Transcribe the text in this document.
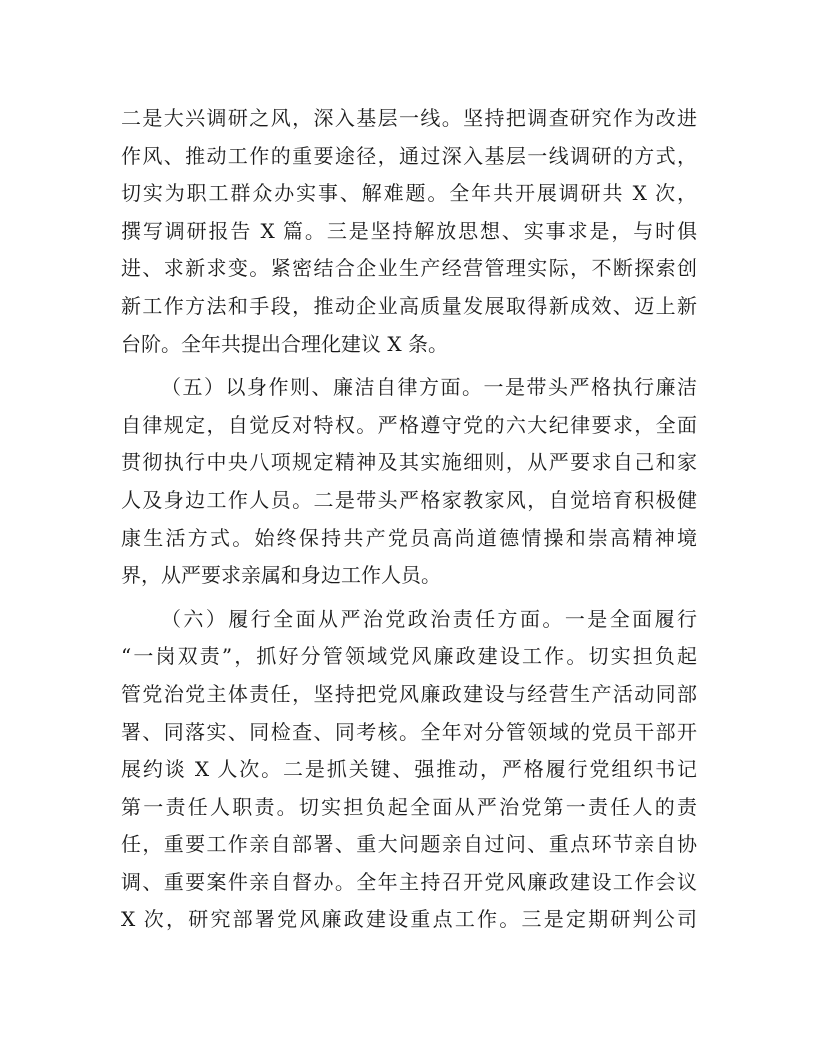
二是大兴调研之风，深入基层一线。坚持把调查研究作为改进
作风、推动工作的重要途径，通过深入基层一线调研的方式，
切实为职工群众办实事、解难题。全年共开展调研共 X 次，
撰写调研报告 X 篇。三是坚持解放思想、实事求是，与时俱
进、求新求变。紧密结合企业生产经营管理实际，不断探索创
新工作方法和手段，推动企业高质量发展取得新成效、迈上新
台阶。全年共提出合理化建议 X 条。
（五）以身作则、廉洁自律方面。一是带头严格执行廉洁
自律规定，自觉反对特权。严格遵守党的六大纪律要求，全面
贯彻执行中央八项规定精神及其实施细则，从严要求自己和家
人及身边工作人员。二是带头严格家教家风，自觉培育积极健
康生活方式。始终保持共产党员高尚道德情操和崇高精神境
界，从严要求亲属和身边工作人员。
（六）履行全面从严治党政治责任方面。一是全面履行
“一岗双责”，抓好分管领域党风廉政建设工作。切实担负起
管党治党主体责任，坚持把党风廉政建设与经营生产活动同部
署、同落实、同检查、同考核。全年对分管领域的党员干部开
展约谈 X 人次。二是抓关键、强推动，严格履行党组织书记
第一责任人职责。切实担负起全面从严治党第一责任人的责
任，重要工作亲自部署、重大问题亲自过问、重点环节亲自协
调、重要案件亲自督办。全年主持召开党风廉政建设工作会议
X 次，研究部署党风廉政建设重点工作。三是定期研判公司
